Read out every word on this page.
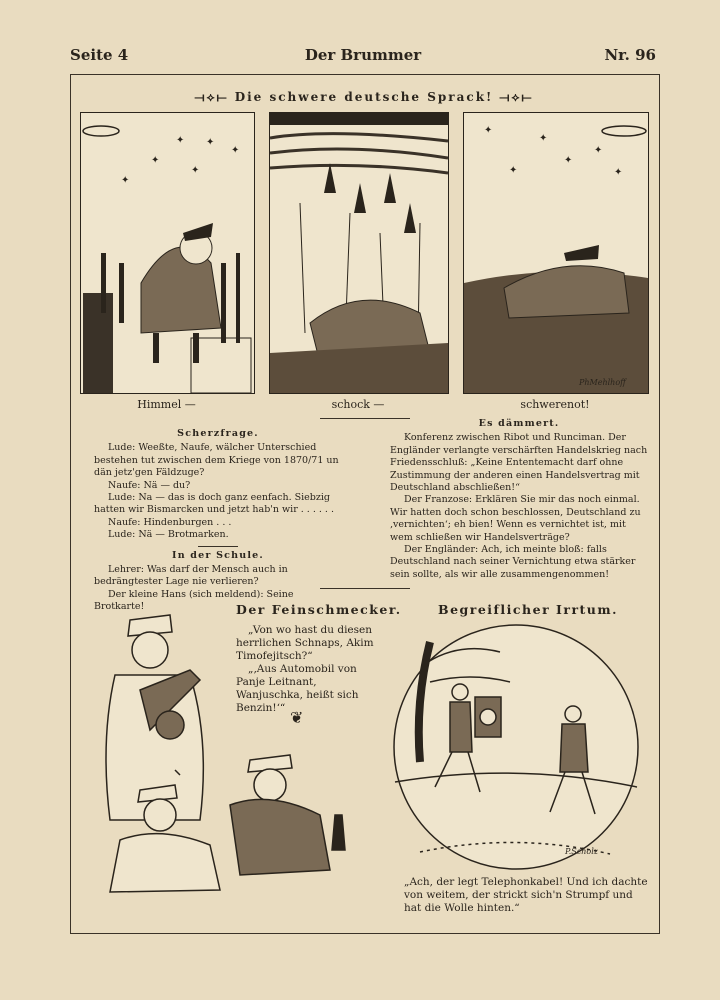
Seite 4	Der Brummer	Nr. 96
⟞⟡⟝ Die schwere deutsche Sprack! ⟞⟡⟝
✦ ✦
✦
✦
✦
✦
Himmel —	schock —
✦
✦
✦
✦
✦	✦
PhMehlhoff
schwerenot!

Scherzfrage.

Lude: Weeßte, Naufe, wälcher Unterschied bestehen tut zwischen dem Kriege von 1870/71 un dän jetz'gen Fäldzuge?

Naufe: Nä — du?

Lude: Na — das is doch ganz eenfach. Siebzig hatten wir Bismarcken und jetzt hab'n wir . . . . . .

Naufe: Hindenburgen . . .

Lude: Nä — Brotmarken.

In der Schule.

Lehrer: Was darf der Mensch auch in bedrängtester Lage nie verlieren?

Der kleine Hans (sich meldend): Seine Brotkarte!

Es dämmert.

Konferenz zwischen Ribot und Runciman. Der Engländer verlangte verschärften Handelskrieg nach Friedensschluß: „Keine Ententemacht darf ohne Zustimmung der anderen einen Handelsvertrag mit Deutschland abschließen!“

Der Franzose: Erklären Sie mir das noch einmal. Wir hatten doch schon beschlossen, Deutschland zu ‚vernichten‘; eh bien! Wenn es vernichtet ist, mit wem schließen wir Handelsverträge?

Der Engländer: Ach, ich meinte bloß: falls Deutschland nach seiner Vernichtung etwa stärker sein sollte, als wir alle zusammengenommen!

Der Feinschmecker.

„Von wo hast du diesen herrlichen Schnaps, Akim Timofejitsch?“

„‚Aus Automobil von Panje Leitnant, Wanjuschka, heißt sich Benzin!‘“ ❦
Begreiflicher Irrtum.
P.Scholz
„Ach, der legt Telephonkabel! Und ich dachte von weitem, der strickt sich'n Strumpf und hat die Wolle hinten.“
